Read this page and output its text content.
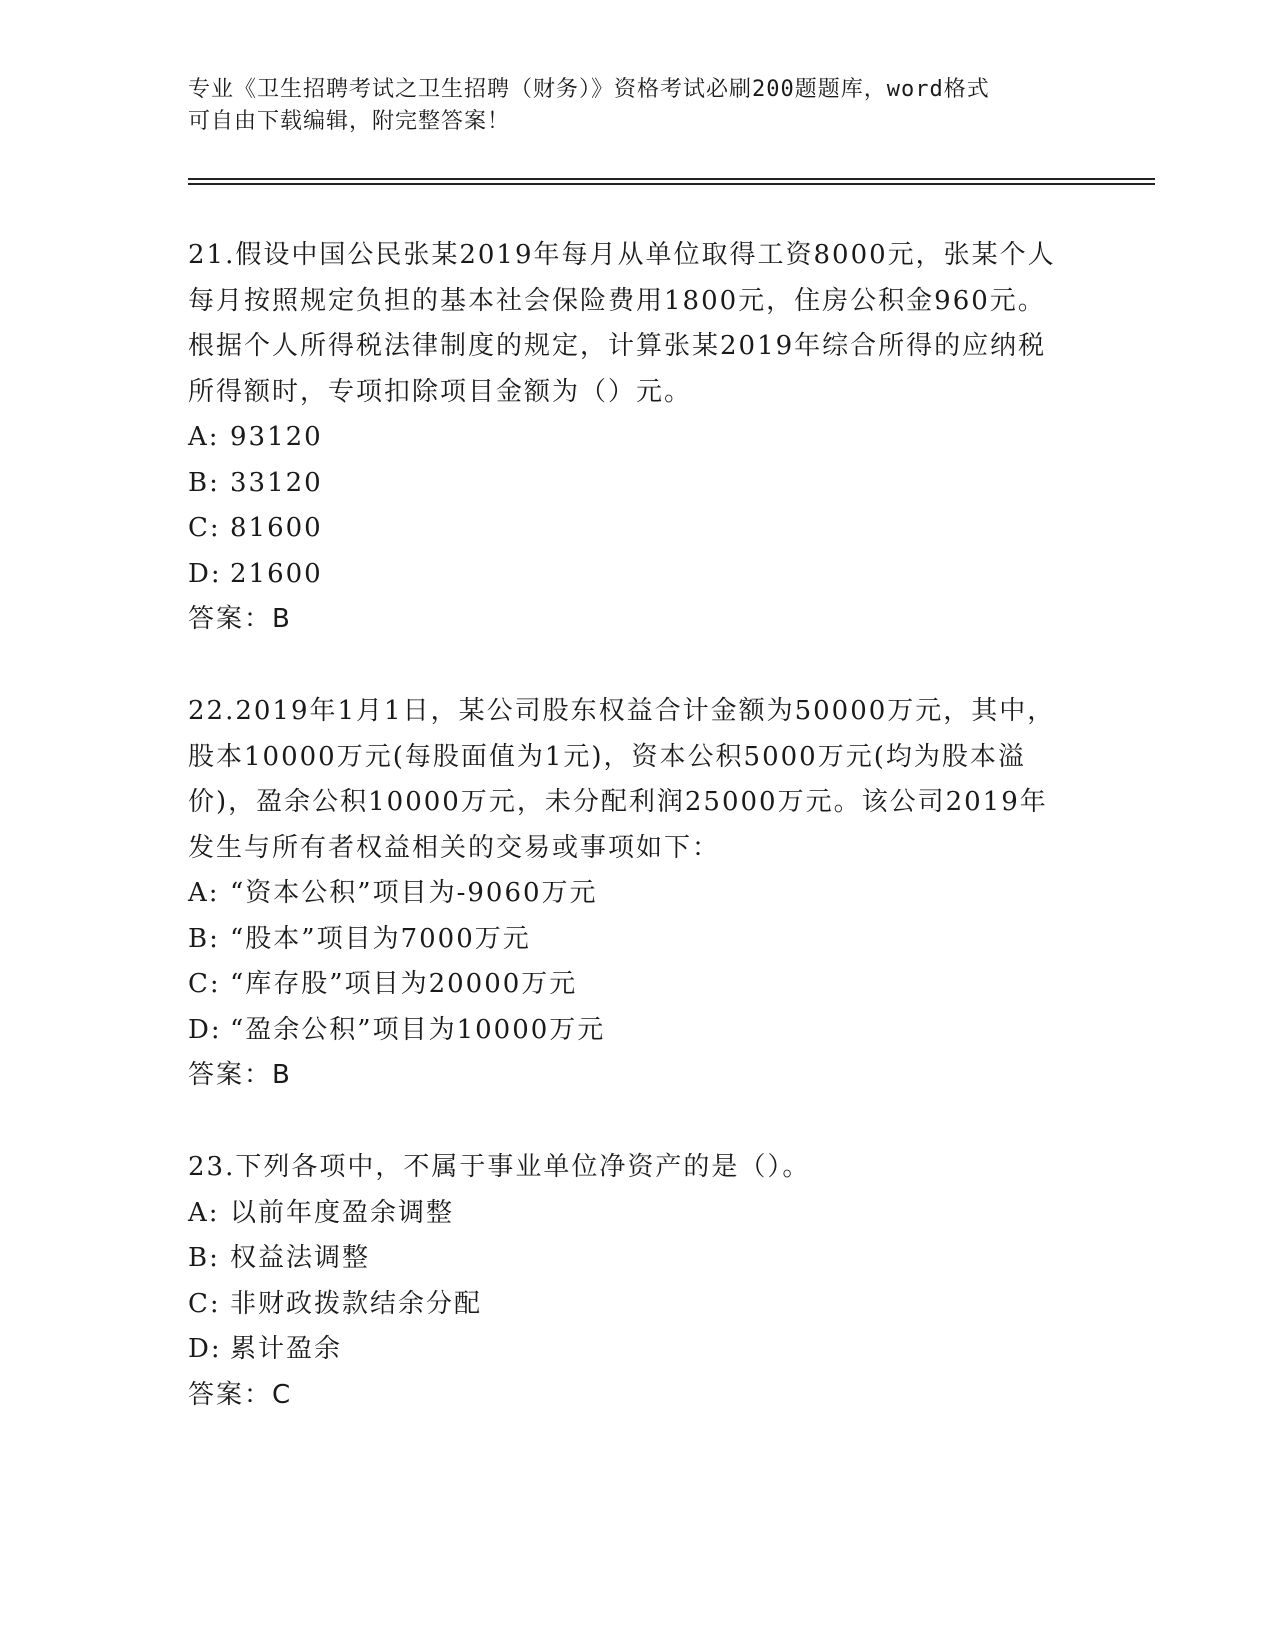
专业《卫生招聘考试之卫生招聘（财务）》资格考试必刷200题题库，word格式
可自由下载编辑，附完整答案！
21.假设中国公民张某2019年每月从单位取得工资8000元，张某个人
每月按照规定负担的基本社会保险费用1800元，住房公积金960元。
根据个人所得税法律制度的规定，计算张某2019年综合所得的应纳税
所得额时，专项扣除项目金额为（）元。
A: 93120
B: 33120
C: 81600
D: 21600
答案：B
22.2019年1月1日，某公司股东权益合计金额为50000万元，其中，
股本10000万元(每股面值为1元)，资本公积5000万元(均为股本溢
价)，盈余公积10000万元，未分配利润25000万元。该公司2019年
发生与所有者权益相关的交易或事项如下：
A: “资本公积”项目为-9060万元
B: “股本”项目为7000万元
C: “库存股”项目为20000万元
D: “盈余公积”项目为10000万元
答案：B
23.下列各项中，不属于事业单位净资产的是（）。
A: 以前年度盈余调整
B: 权益法调整
C: 非财政拨款结余分配
D: 累计盈余
答案：C
